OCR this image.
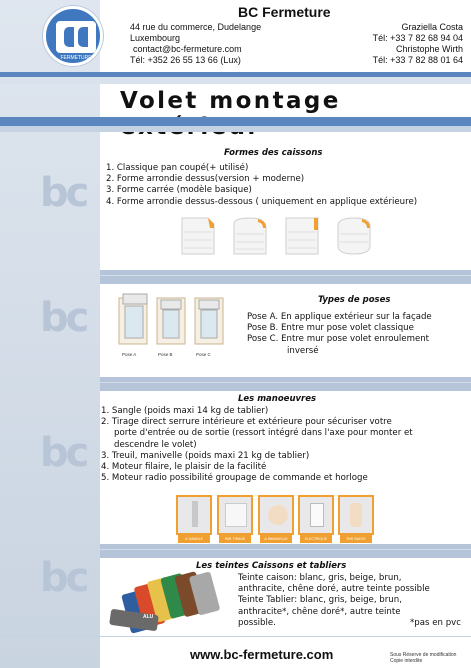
bc
bc
bc
bc
FERMETURE
BC Fermeture
44 rue du commerce, Dudelange
Luxembourg
contact@bc-fermeture.com
Tél: +352 26 55 13 66 (Lux)
Graziella Costa
Tél: +33 7 82 68 94 04
Christophe Wirth
Tél: +33 7 82 88 01 64
Volet montage
Formes des caissons
1. Classique pan coupé(+ utilisé)
2. Forme arrondie dessus(version + moderne)
3. Forme carrée (modèle basique)
4. Forme arrondie dessus-dessous ( uniquement en applique extérieure)
Pose A	Pose B	Pose C
Types de poses
Pose A. En applique extérieur sur la façade
Pose B. Entre mur pose volet classique
Pose C. Entre mur pose volet enroulement
inversé
Les manoeuvres
1. Sangle (poids maxi 14 kg de tablier)
2. Tirage direct serrure intérieure et extérieure pour sécuriser votre
porte d'entrée ou de sortie (ressort intégré dans l'axe pour monter et
descendre le volet)
3. Treuil, manivelle (poids maxi 21 kg de tablier)
4. Moteur filaire, le plaisir de la facilité
5. Moteur radio possibilité groupage de commande et horloge
A SANGLE	PAR TIRAGE	A MANIVELLE	ELECTRIQUE	PAR RADIO
Les teintes Caissons et tabliers
ALU
Teinte caison: blanc, gris, beige, brun,
anthracite, chêne doré, autre teinte possible
Teinte Tablier: blanc, gris, beige, brun,
anthracite*, chêne doré*, autre teinte
possible.	*pas en pvc
www.bc-fermeture.com	Sous Réserve de modification
Copie interdite
